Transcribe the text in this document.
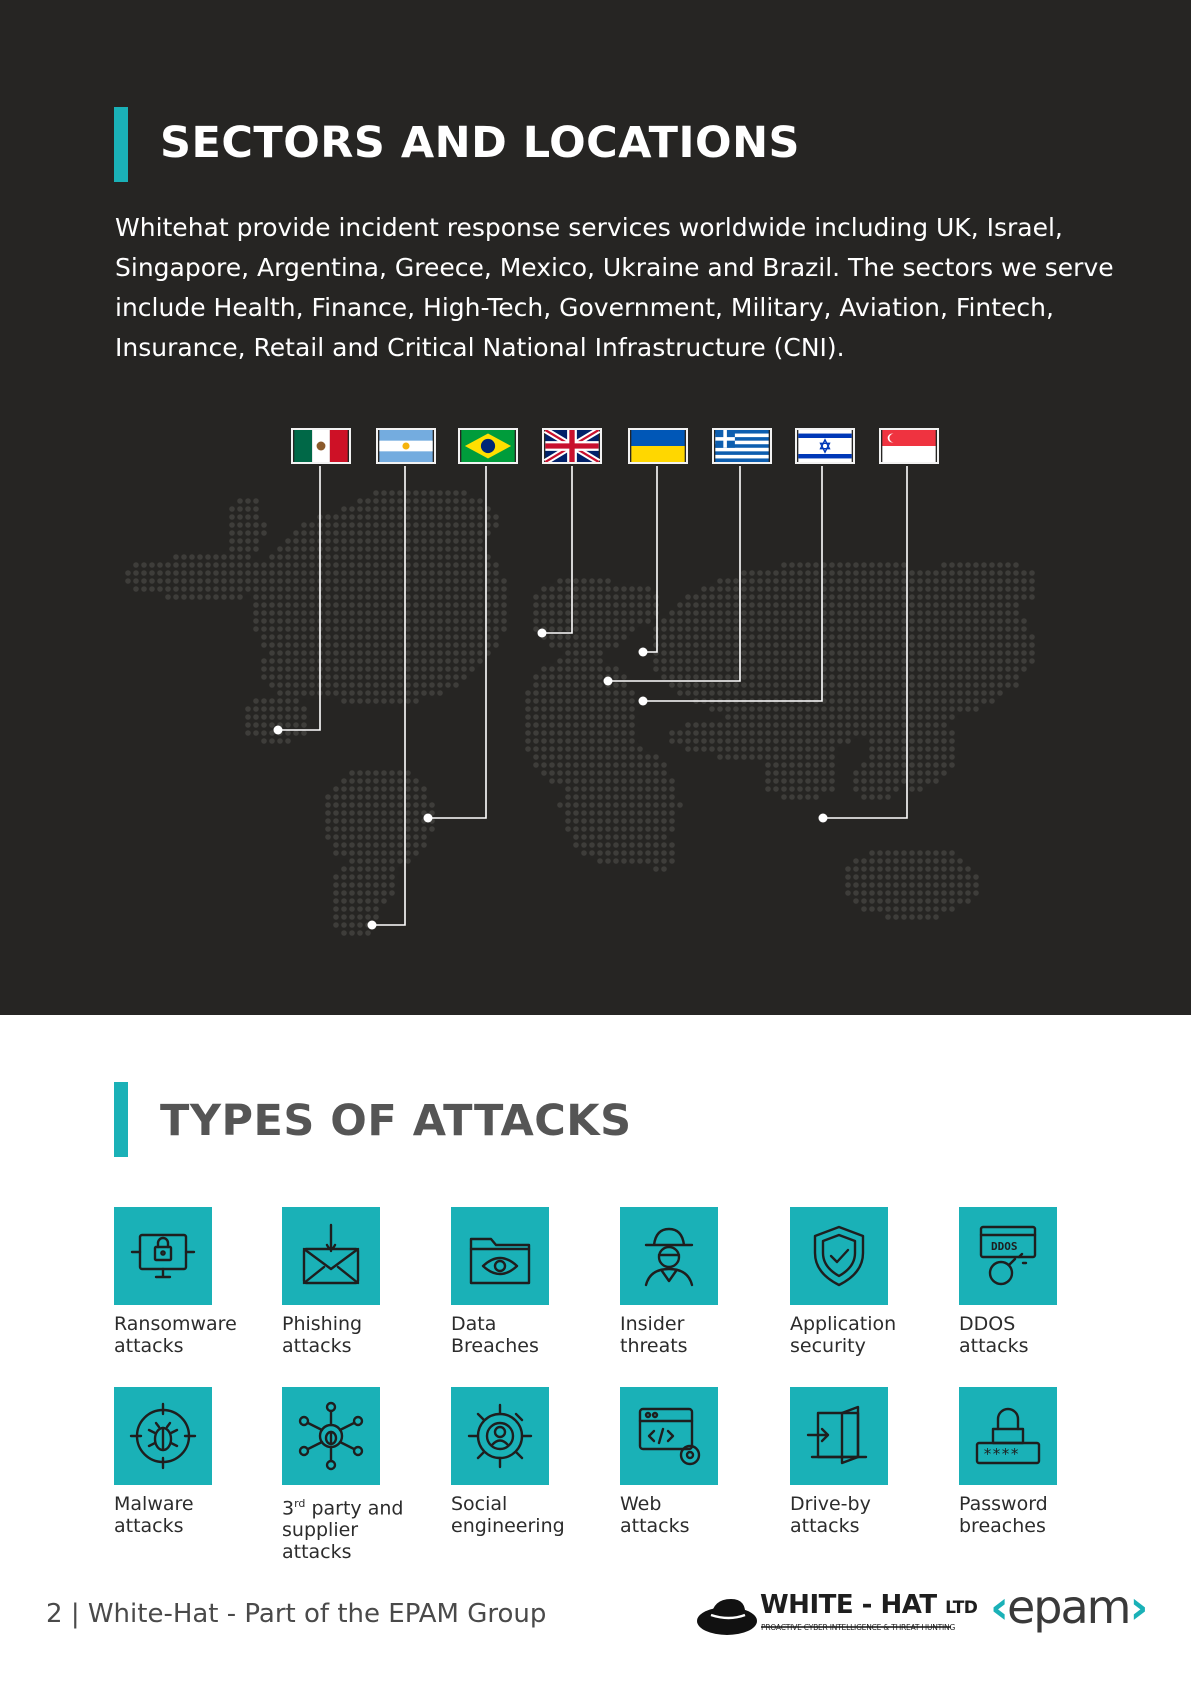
SECTORS AND LOCATIONS
Whitehat provide incident response services worldwide including UK, Israel, Singapore, Argentina, Greece, Mexico, Ukraine and Brazil. The sectors we serve include Health, Finance, High-Tech, Government, Military, Aviation, Fintech, Insurance, Retail and Critical National Infrastructure (CNI).
TYPES OF ATTACKS
Ransomware
attacks
Phishing
attacks
Data
Breaches
Insider
threats
Application
security
DDOS
DDOS
attacks
Malware
attacks
3rd party and
supplier attacks
Social
engineering
Web
attacks
Drive-by
attacks
****
Password
breaches
2 | White-Hat - Part of the EPAM Group	WHITE - HAT LTD
PROACTIVE CYBER INTELLIGENCE & THREAT HUNTING ‹epam›
